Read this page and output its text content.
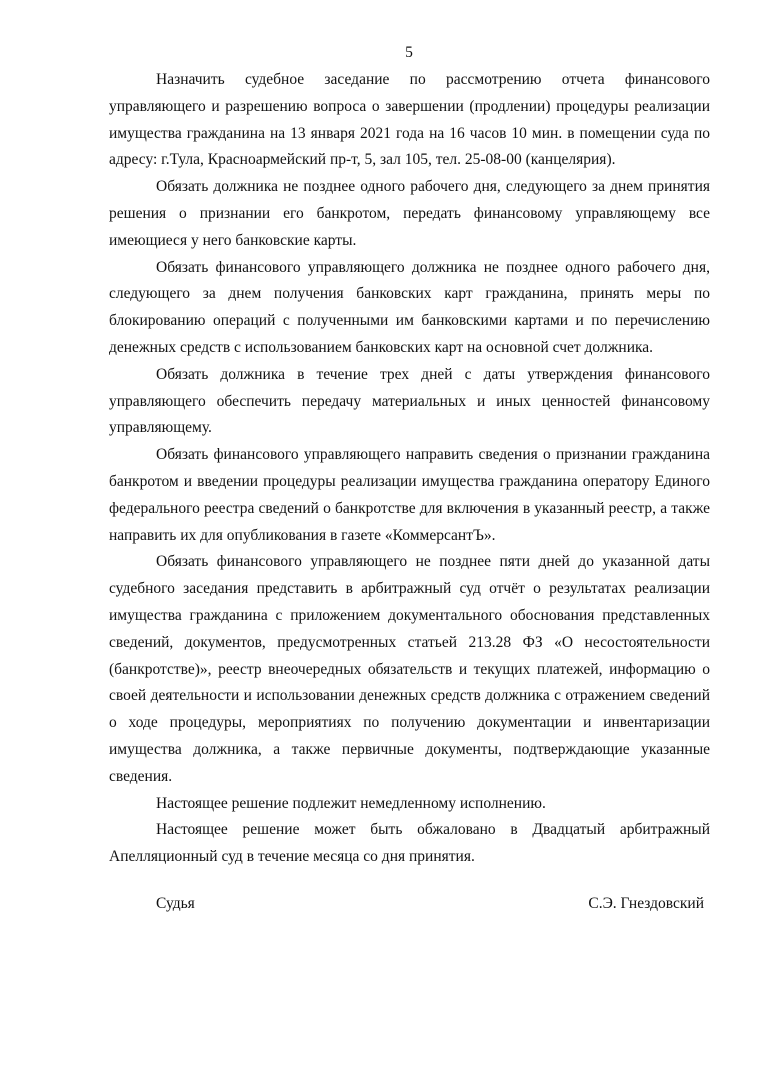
5

Назначить судебное заседание по рассмотрению отчета финансового управляющего и разрешению вопроса о завершении (продлении) процедуры реализации имущества гражданина на 13 января 2021 года на 16 часов 10 мин. в помещении суда по адресу: г.Тула, Красноармейский пр-т, 5, зал 105, тел. 25-08-00 (канцелярия).

Обязать должника не позднее одного рабочего дня, следующего за днем принятия решения о признании его банкротом, передать финансовому управляющему все имеющиеся у него банковские карты.

Обязать финансового управляющего должника не позднее одного рабочего дня, следующего за днем получения банковских карт гражданина, принять меры по блокированию операций с полученными им банковскими картами и по перечислению денежных средств с использованием банковских карт на основной счет должника.

Обязать должника в течение трех дней с даты утверждения финансового управляющего обеспечить передачу материальных и иных ценностей финансовому управляющему.

Обязать финансового управляющего направить сведения о признании гражданина банкротом и введении процедуры реализации имущества гражданина оператору Единого федерального реестра сведений о банкротстве для включения в указанный реестр, а также направить их для опубликования в газете «КоммерсантЪ».

Обязать финансового управляющего не позднее пяти дней до указанной даты судебного заседания представить в арбитражный суд отчёт о результатах реализации имущества гражданина с приложением документального обоснования представленных сведений, документов, предусмотренных статьей 213.28 ФЗ «О несостоятельности (банкротстве)», реестр внеочередных обязательств и текущих платежей, информацию о своей деятельности и использовании денежных средств должника с отражением сведений о ходе процедуры, мероприятиях по получению документации и инвентаризации имущества должника, а также первичные документы, подтверждающие указанные сведения.

Настоящее решение подлежит немедленному исполнению.

Настоящее решение может быть обжаловано в Двадцатый арбитражный Апелляционный суд в течение месяца со дня принятия.

Судья	С.Э. Гнездовский
